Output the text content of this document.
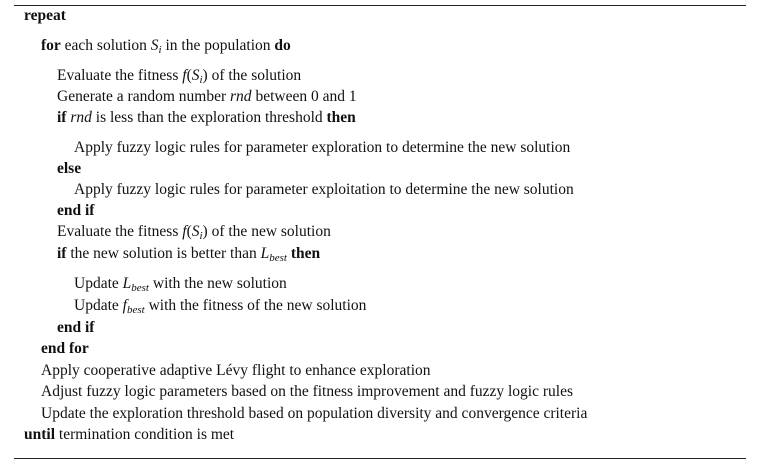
repeat
for each solution $S_i$ in the population do
Evaluate the fitness $f(S_i)$ of the solution
Generate a random number rnd between 0 and 1
if rnd is less than the exploration threshold then
Apply fuzzy logic rules for parameter exploration to determine the new solution
else
Apply fuzzy logic rules for parameter exploitation to determine the new solution
end if
Evaluate the fitness $f(S_i)$ of the new solution
if the new solution is better than $L_{best}$ then
Update $L_{best}$ with the new solution
Update $f_{best}$ with the fitness of the new solution
end if
end for
Apply cooperative adaptive Lévy flight to enhance exploration
Adjust fuzzy logic parameters based on the fitness improvement and fuzzy logic rules
Update the exploration threshold based on population diversity and convergence criteria
until termination condition is met
